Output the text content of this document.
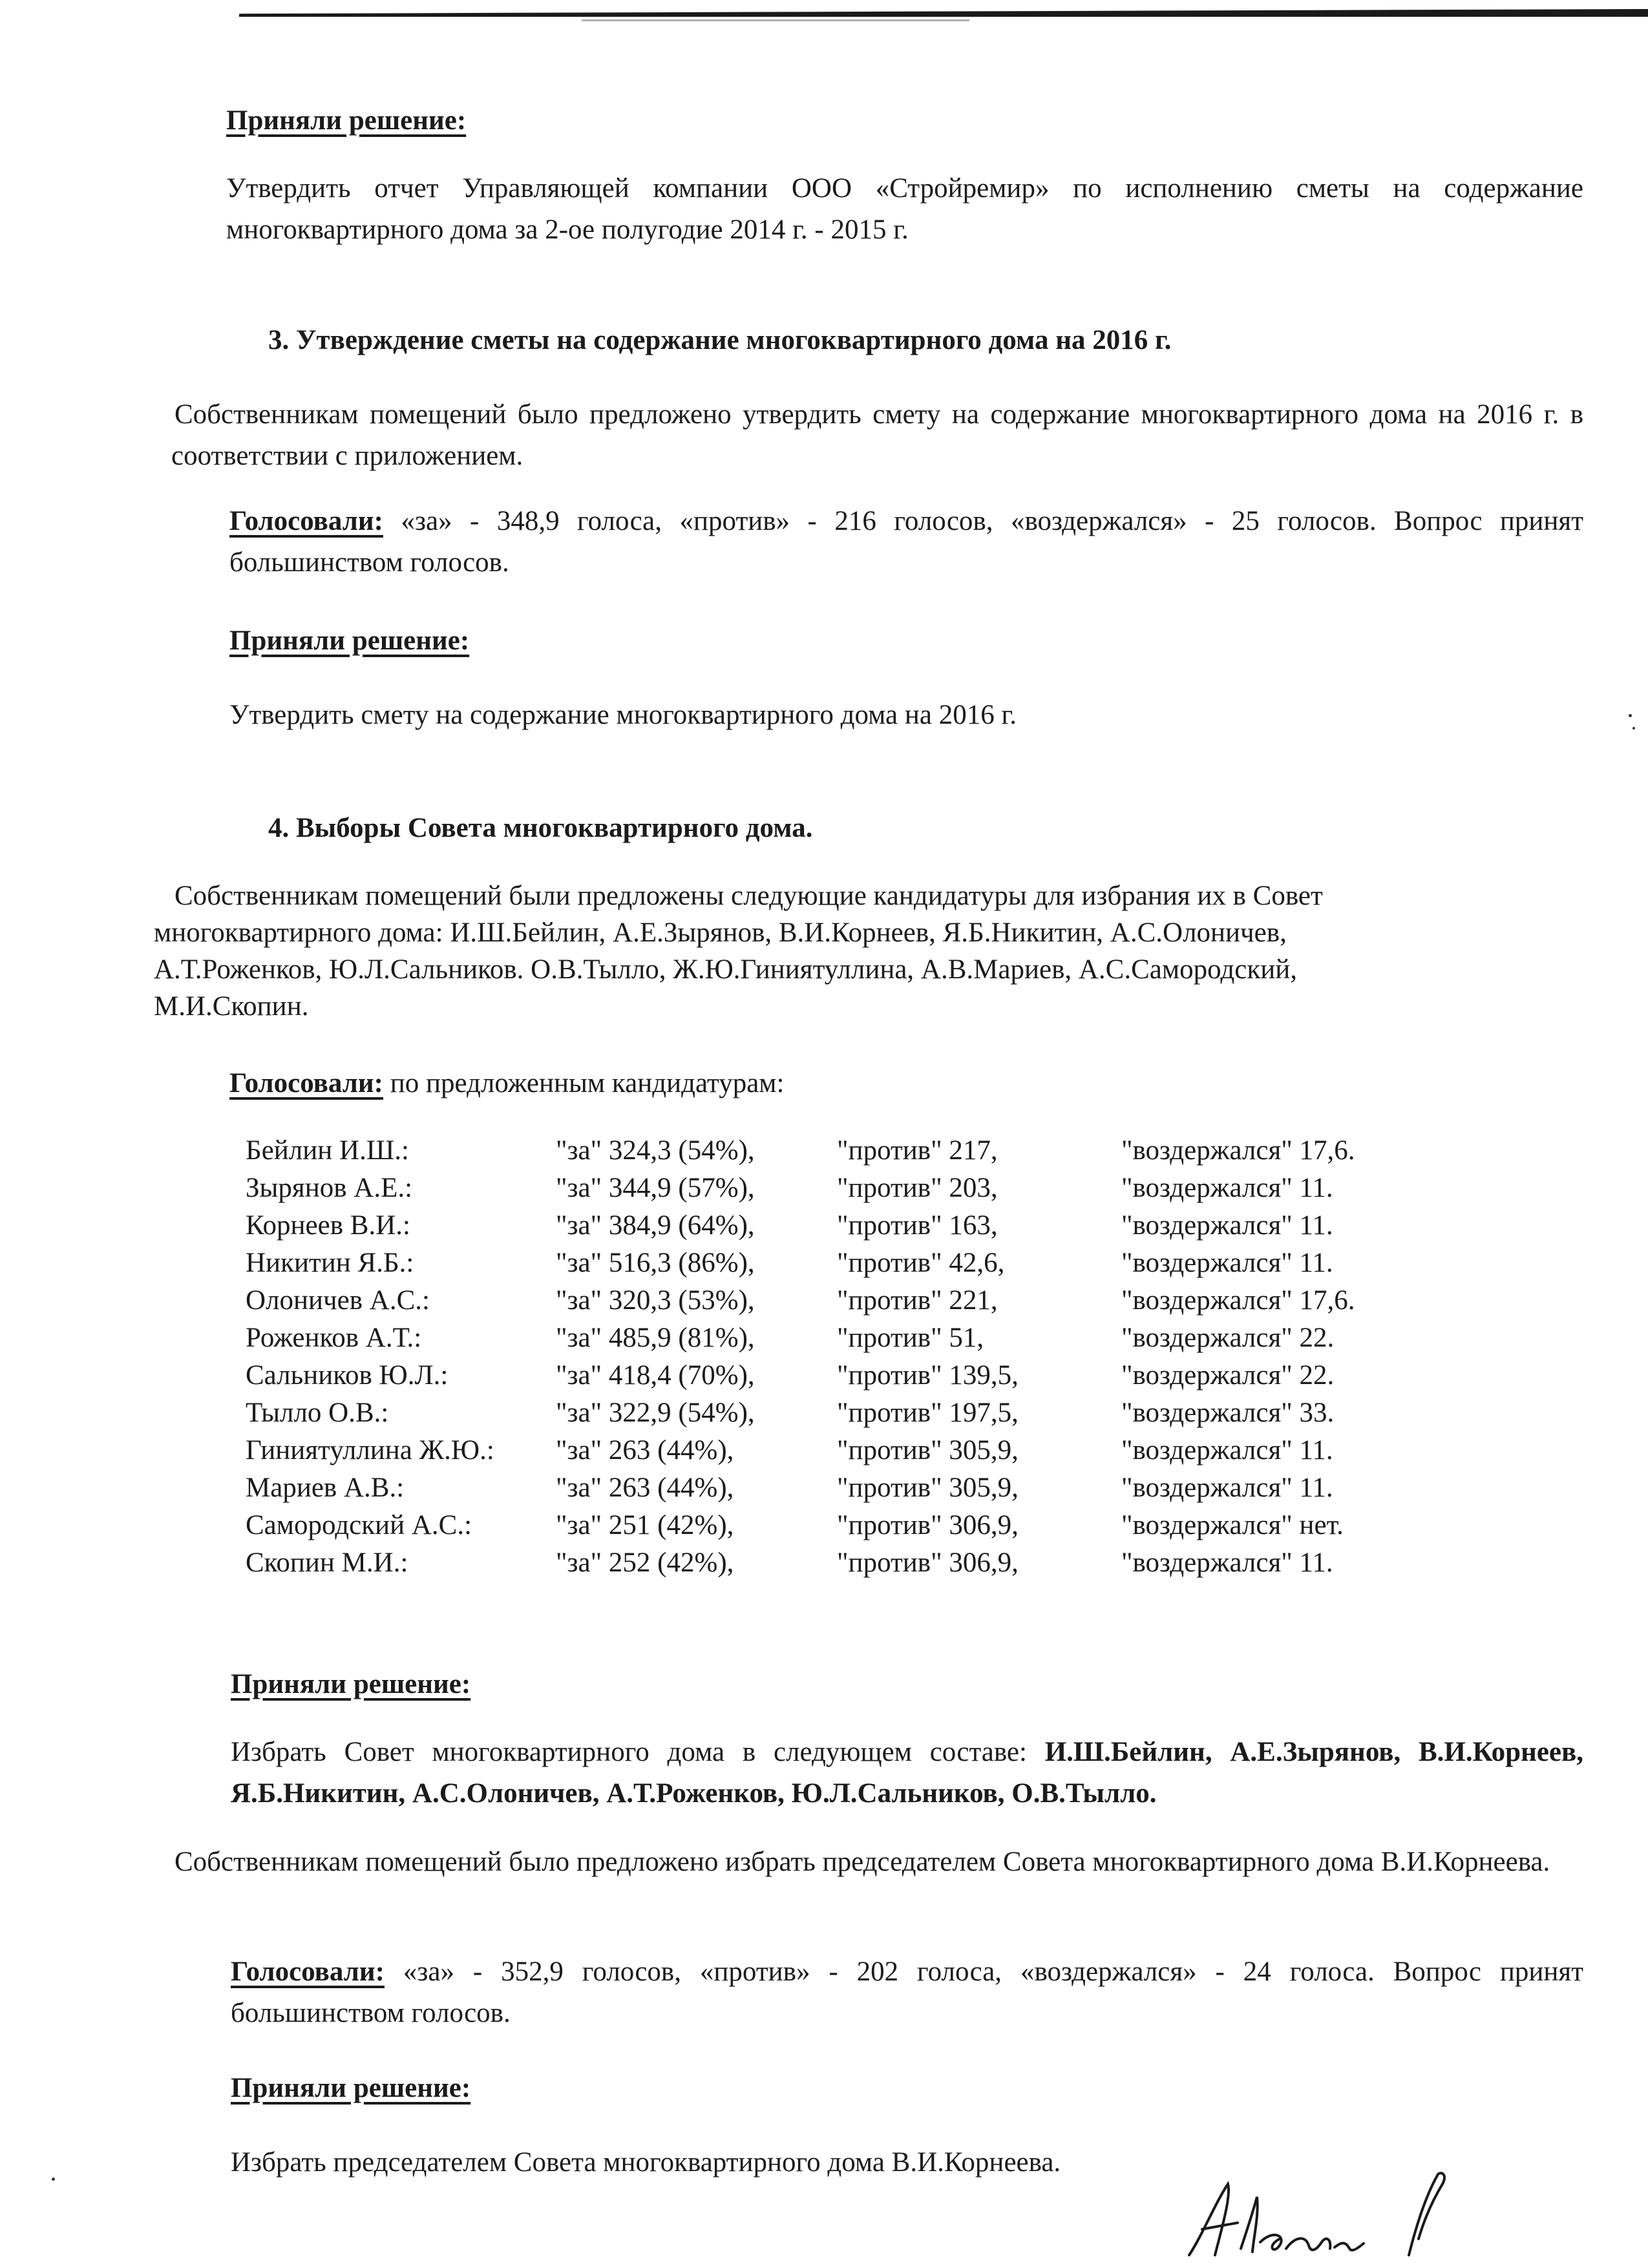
Приняли решение:
Утвердить отчет Управляющей компании ООО «Стройремир» по исполнению сметы на содержание многоквартирного дома за 2-ое полугодие 2014 г. - 2015 г.
3. Утверждение сметы на содержание многоквартирного дома на 2016 г.
Собственникам помещений было предложено утвердить смету на содержание многоквартирного дома на 2016 г. в соответствии с приложением.
Голосовали: «за» - 348,9 голоса, «против» - 216 голосов, «воздержался» - 25 голосов. Вопрос принят большинством голосов.
Приняли решение:
Утвердить смету на содержание многоквартирного дома на 2016 г.
4. Выборы Совета многоквартирного дома.
Собственникам помещений были предложены следующие кандидатуры для избрания их в Совет
многоквартирного дома: И.Ш.Бейлин, А.Е.Зырянов, В.И.Корнеев, Я.Б.Никитин, А.С.Олоничев,
А.Т.Роженков, Ю.Л.Сальников. О.В.Тылло, Ж.Ю.Гиниятуллина, А.В.Мариев, А.С.Самородский,
М.И.Скопин.
Голосовали: по предложенным кандидатурам:
Бейлин И.Ш.:	"за" 324,3 (54%),	"против" 217,	"воздержался" 17,6.
Зырянов А.Е.:	"за" 344,9 (57%),	"против" 203,	"воздержался" 11.
Корнеев В.И.:	"за" 384,9 (64%),	"против" 163,	"воздержался" 11.
Никитин Я.Б.:	"за" 516,3 (86%),	"против" 42,6,	"воздержался" 11.
Олоничев А.С.:	"за" 320,3 (53%),	"против" 221,	"воздержался" 17,6.
Роженков А.Т.:	"за" 485,9 (81%),	"против" 51,	"воздержался" 22.
Сальников Ю.Л.:	"за" 418,4 (70%),	"против" 139,5,	"воздержался" 22.
Тылло О.В.:	"за" 322,9 (54%),	"против" 197,5,	"воздержался" 33.
Гиниятуллина Ж.Ю.:	"за" 263 (44%),	"против" 305,9,	"воздержался" 11.
Мариев А.В.:	"за" 263 (44%),	"против" 305,9,	"воздержался" 11.
Самородский А.С.:	"за" 251 (42%),	"против" 306,9,	"воздержался" нет.
Скопин М.И.:	"за" 252 (42%),	"против" 306,9,	"воздержался" 11.
Приняли решение:
Избрать Совет многоквартирного дома в следующем составе: И.Ш.Бейлин, А.Е.Зырянов, В.И.Корнеев, Я.Б.Никитин, А.С.Олоничев, А.Т.Роженков, Ю.Л.Сальников, О.В.Тылло.
Собственникам помещений было предложено избрать председателем Совета многоквартирного дома В.И.Корнеева.
Голосовали: «за» - 352,9 голосов, «против» - 202 голоса, «воздержался» - 24 голоса. Вопрос принят большинством голосов.
Приняли решение:
Избрать председателем Совета многоквартирного дома В.И.Корнеева.
